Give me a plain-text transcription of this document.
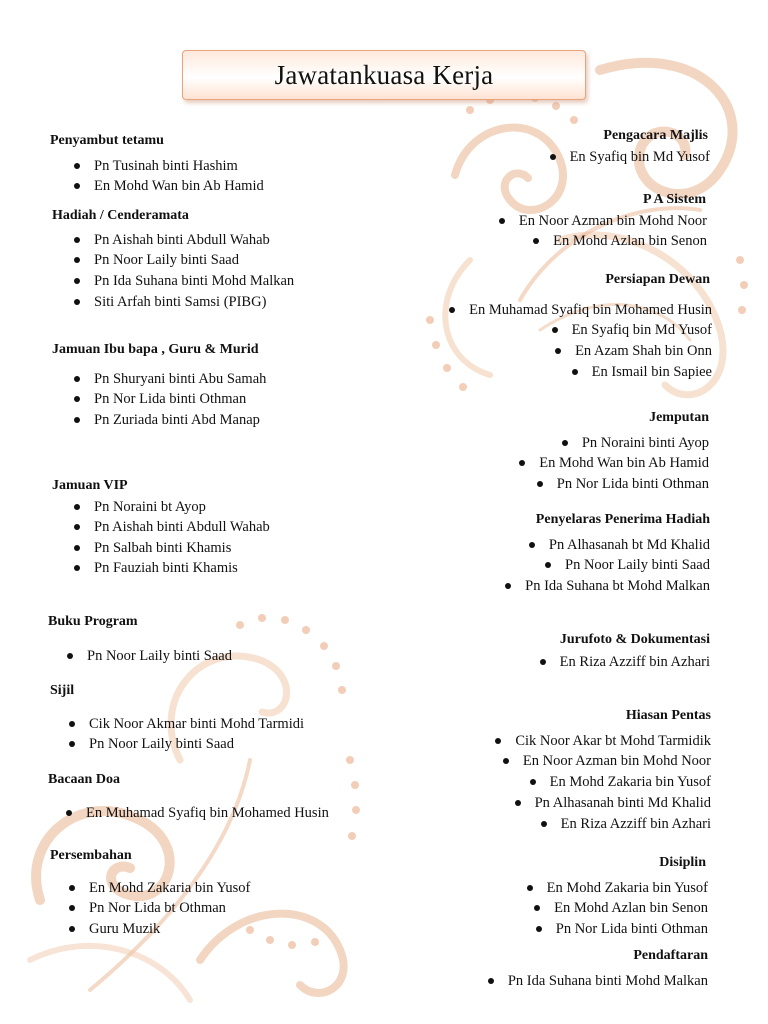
Jawatankuasa Kerja
Penyambut tetamu
Pn Tusinah binti Hashim
En Mohd Wan bin Ab Hamid
Hadiah / Cenderamata
Pn Aishah binti Abdull Wahab
Pn Noor Laily binti Saad
Pn Ida Suhana binti Mohd Malkan
Siti Arfah binti Samsi (PIBG)
Jamuan Ibu bapa , Guru & Murid
Pn Shuryani binti Abu Samah
Pn Nor Lida binti Othman
Pn Zuriada binti Abd Manap
Jamuan VIP
Pn Noraini bt Ayop
Pn Aishah binti Abdull Wahab
Pn Salbah binti Khamis
Pn Fauziah binti Khamis
Buku Program
Pn Noor Laily binti Saad
Sijil
Cik Noor Akmar binti Mohd Tarmidi
Pn Noor Laily binti Saad
Bacaan Doa
En Muhamad Syafiq bin Mohamed Husin
Persembahan
En Mohd Zakaria bin Yusof
Pn Nor Lida bt Othman
Guru Muzik
Pengacara Majlis
En Syafiq bin Md Yusof
P A Sistem
En Noor Azman bin Mohd Noor
En Mohd Azlan bin Senon
Persiapan Dewan
En Muhamad Syafiq bin Mohamed Husin
En Syafiq bin Md Yusof
En Azam Shah bin Onn
En Ismail bin Sapiee
Jemputan
Pn Noraini binti Ayop
En Mohd Wan bin Ab Hamid
Pn Nor Lida binti Othman
Penyelaras Penerima Hadiah
Pn Alhasanah bt Md Khalid
Pn Noor Laily binti Saad
Pn Ida Suhana bt Mohd Malkan
Jurufoto & Dokumentasi
En Riza Azziff bin Azhari
Hiasan Pentas
Cik Noor Akar bt Mohd Tarmidik
En Noor Azman bin Mohd Noor
En Mohd Zakaria bin Yusof
Pn Alhasanah binti Md Khalid
En Riza Azziff bin Azhari
Disiplin
En Mohd Zakaria bin Yusof
En Mohd Azlan bin Senon
Pn Nor Lida binti Othman
Pendaftaran
Pn Ida Suhana binti Mohd Malkan
